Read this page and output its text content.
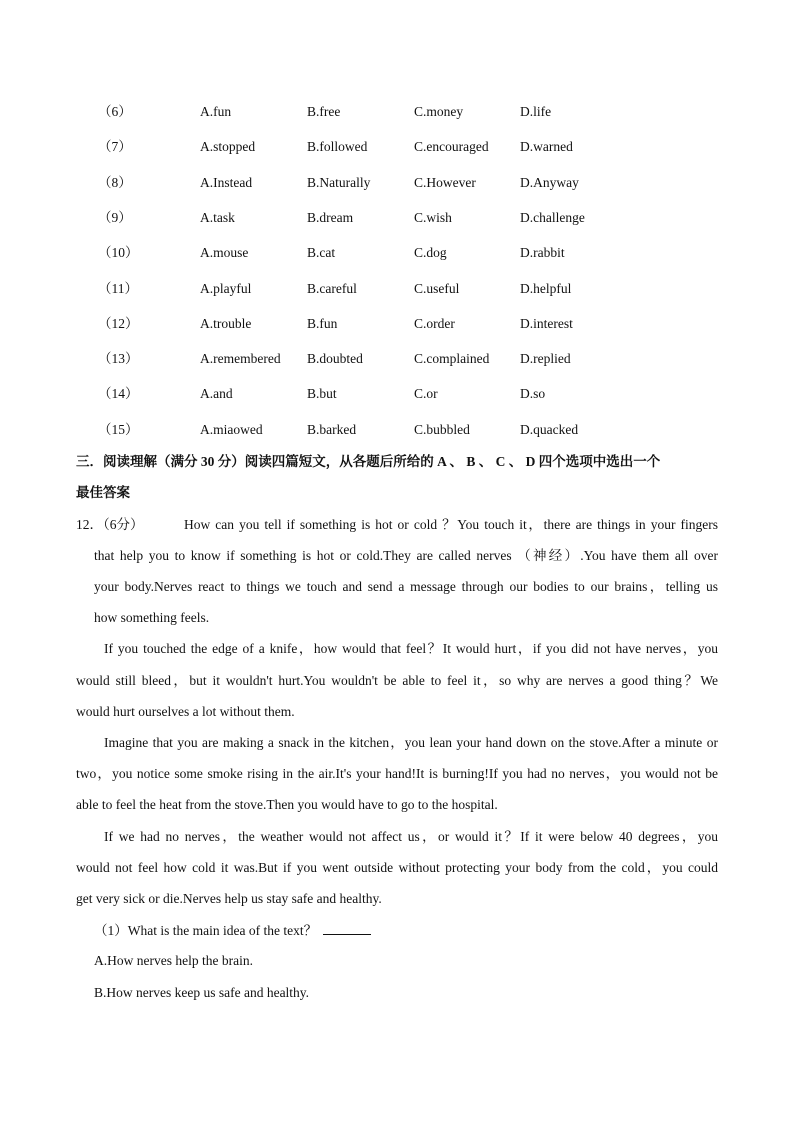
（6）	A.fun	B.free	C.money	D.life
（7）	A.stopped	B.followed	C.encouraged D.warned
（8）	A.Instead	B.Naturally	C.However	D.Anyway
（9）	A.task	B.dream	C.wish	D.challenge
（10）	A.mouse	B.cat	C.dog	D.rabbit
（11）	A.playful	B.careful	C.useful	D.helpful
（12）	A.trouble	B.fun	C.order	D.interest
（13）	A.remembered B.doubted	C.complained D.replied
（14）	A.and	B.but	C.or	D.so
（15）	A.miaowed	B.barked	C.bubbled	D.quacked
三．阅读理解（满分 30 分）阅读四篇短文，从各题后所给的 A 、 B 、 C 、 D 四个选项中选出一个
最佳答案
12．（6分）	How can you tell if something is hot or cold ？You touch it，there are things in your fingers
that help you to know if something is hot or cold.They are called nerves （神经）.You have them all over
your body.Nerves react to things we touch and send a message through our bodies to our brains，telling us
how something feels.
If you touched the edge of a knife，how would that feel？It would hurt，if you did not have nerves，you
would still bleed，but it wouldn't hurt.You wouldn't be able to feel it，so why are nerves a good thing？We
would hurt ourselves a lot without them.
Imagine that you are making a snack in the kitchen，you lean your hand down on the stove.After a minute or
two，you notice some smoke rising in the air.It's your hand!It is burning!If you had no nerves，you would not be
able to feel the heat from the stove.Then you would have to go to the hospital.
If we had no nerves，the weather would not affect us，or would it？If it were below 40 degrees，you
would not feel how cold it was.But if you went outside without protecting your body from the cold，you could
get very sick or die.Nerves help us stay safe and healthy.
（1）What is the main idea of the text？
A.How nerves help the brain.
B.How nerves keep us safe and healthy.
